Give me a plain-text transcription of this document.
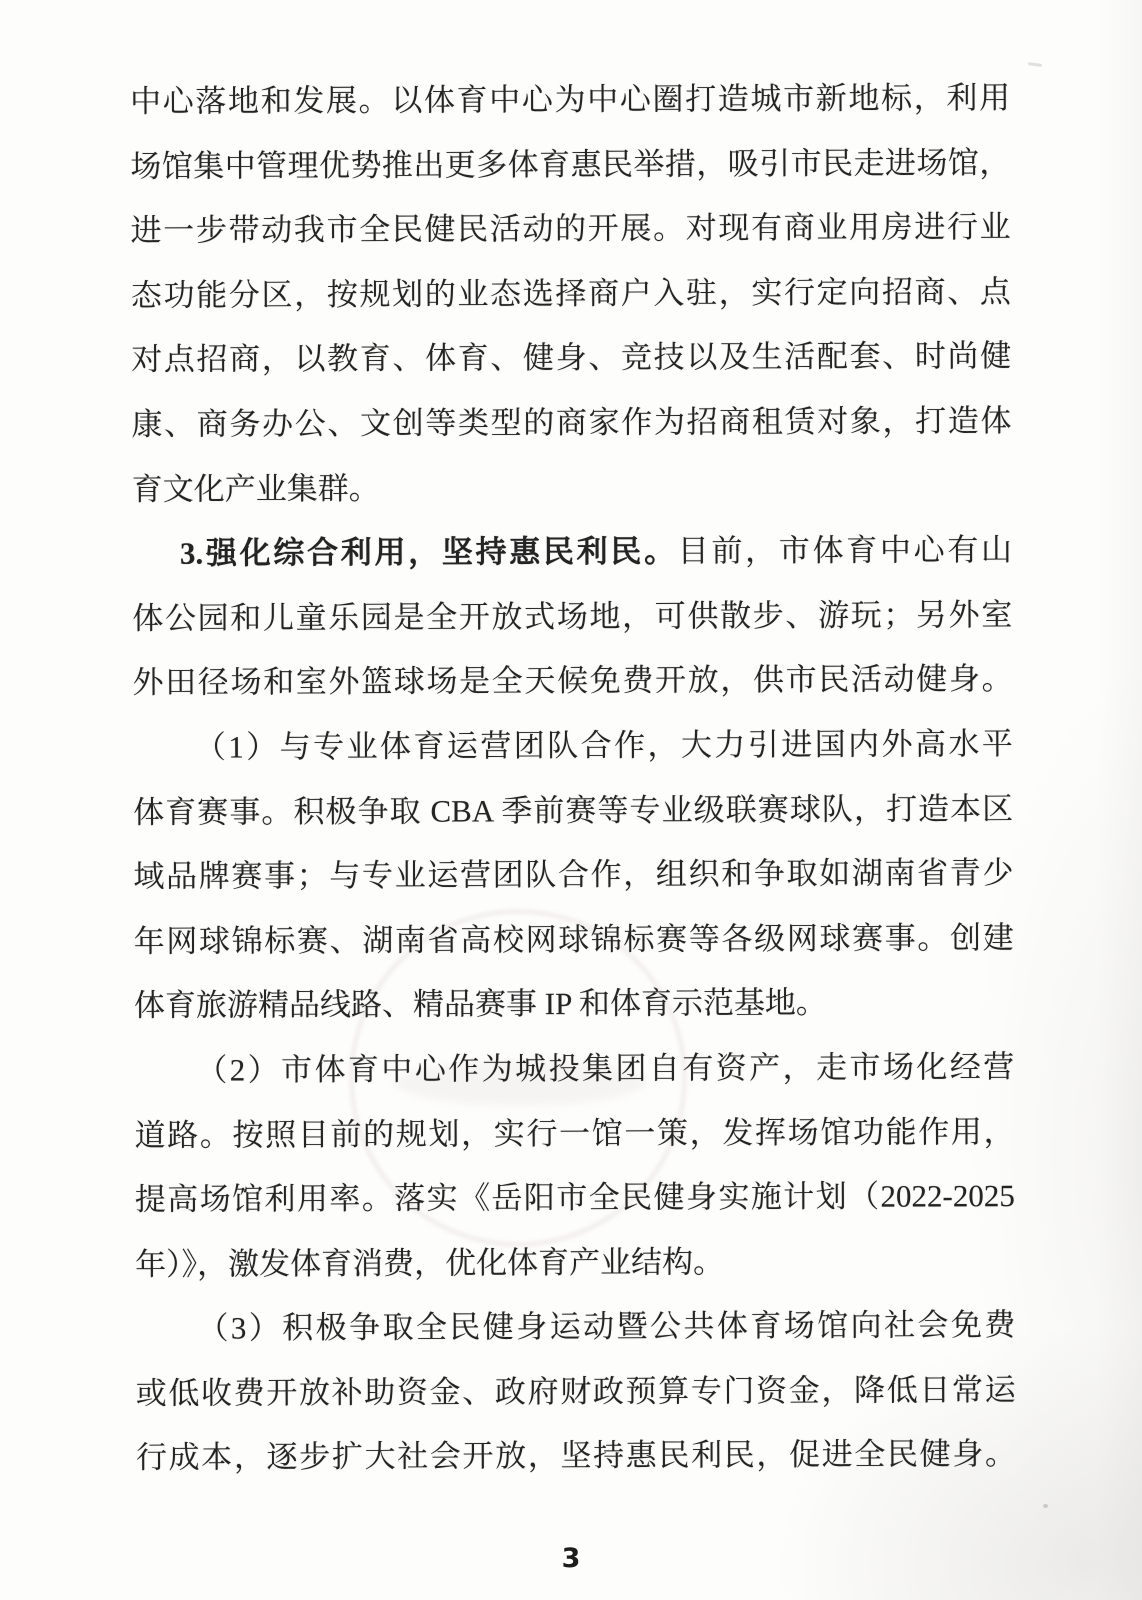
中心落地和发展。以体育中心为中心圈打造城市新地标，利用
场馆集中管理优势推出更多体育惠民举措，吸引市民走进场馆，
进一步带动我市全民健民活动的开展。对现有商业用房进行业
态功能分区，按规划的业态选择商户入驻，实行定向招商、点
对点招商，以教育、体育、健身、竞技以及生活配套、时尚健
康、商务办公、文创等类型的商家作为招商租赁对象，打造体
育文化产业集群。
3.强化综合利用，坚持惠民利民。目前，市体育中心有山
体公园和儿童乐园是全开放式场地，可供散步、游玩；另外室
外田径场和室外篮球场是全天候免费开放，供市民活动健身。
（1）与专业体育运营团队合作，大力引进国内外高水平
体育赛事。积极争取 CBA 季前赛等专业级联赛球队，打造本区
域品牌赛事；与专业运营团队合作，组织和争取如湖南省青少
年网球锦标赛、湖南省高校网球锦标赛等各级网球赛事。创建
体育旅游精品线路、精品赛事 IP 和体育示范基地。
（2）市体育中心作为城投集团自有资产，走市场化经营
道路。按照目前的规划，实行一馆一策，发挥场馆功能作用，
提高场馆利用率。落实《岳阳市全民健身实施计划（2022-2025
年）》，激发体育消费，优化体育产业结构。
（3）积极争取全民健身运动暨公共体育场馆向社会免费
或低收费开放补助资金、政府财政预算专门资金，降低日常运
行成本，逐步扩大社会开放，坚持惠民利民，促进全民健身。
3
